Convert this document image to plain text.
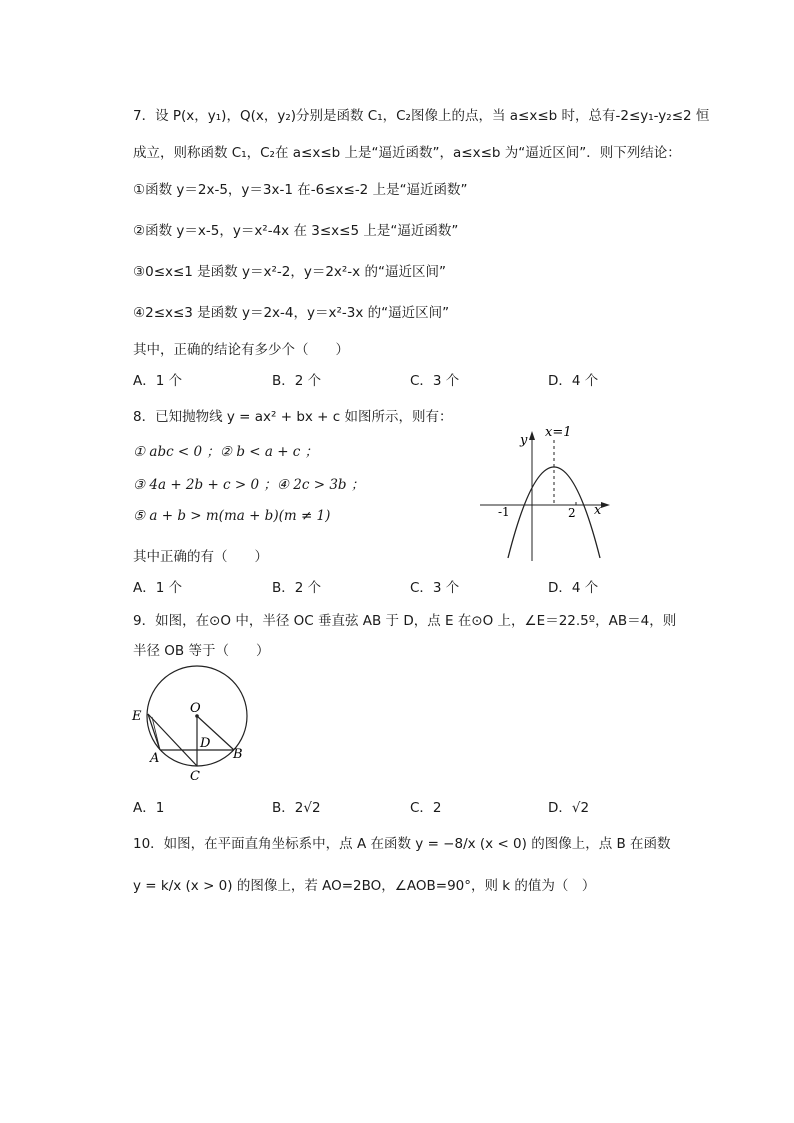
7．设 P(x，y₁)，Q(x，y₂)分别是函数 C₁，C₂图像上的点，当 a≤x≤b 时，总有-2≤y₁-y₂≤2 恒
成立，则称函数 C₁，C₂在 a≤x≤b 上是“逼近函数”，a≤x≤b 为“逼近区间”．则下列结论：
①函数 y＝2x-5，y＝3x-1 在-6≤x≤-2 上是“逼近函数”
②函数 y＝x-5，y＝x²-4x 在 3≤x≤5 上是“逼近函数”
③0≤x≤1 是函数 y＝x²-2，y＝2x²-x 的“逼近区间”
④2≤x≤3 是函数 y＝2x-4，y＝x²-3x 的“逼近区间”
其中，正确的结论有多少个（　　）
A．1 个	B．2 个	C．3 个	D．4 个
8．已知抛物线 y = ax² + bx + c 如图所示，则有：
① abc < 0 ；② b < a + c ；
③ 4a + 2b + c > 0 ；④ 2c > 3b ；
⑤ a + b > m(ma + b)(m ≠ 1)
其中正确的有（　　）
A．1 个	B．2 个	C．3 个	D．4 个
x=1
y
x
-1	2
9．如图，在⊙O 中，半径 OC 垂直弦 AB 于 D，点 E 在⊙O 上，∠E＝22.5º，AB＝4，则
半径 OB 等于（　　）
O
D
E
A	B
C
A．1	B．2√2	C．2	D．√2
10．如图，在平面直角坐标系中，点 A 在函数 y = −8/x (x < 0) 的图像上，点 B 在函数
y = k/x (x > 0) 的图像上，若 AO=2BO，∠AOB=90°，则 k 的值为（　）
